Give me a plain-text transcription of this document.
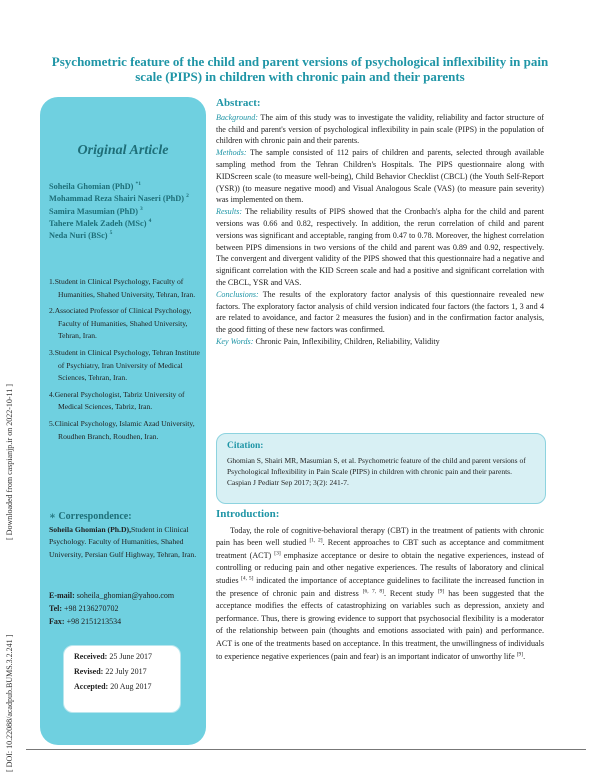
Psychometric feature of the child and parent versions of psychological inflexibility in pain scale (PIPS) in children with chronic pain and their parents
[ Downloaded from caspianjp.ir on 2022-10-11 ]
[ DOI: 10.22088/acadpub.BUMS.3.2.241 ]
Original Article
Soheila Ghomian (PhD) $^{*1}$
Mohammad Reza Shairi Naseri (PhD) $^2$
Samira Masumian (PhD) $^3$
Tahere Malek Zadeh (MSc) $^4$
Neda Nuri (BSc) $^5$
1.Student in Clinical Psychology, Faculty of Humanities, Shahed University, Tehran, Iran.
2.Associated Professor of Clinical Psychology, Faculty of Humanities, Shahed University, Tehran, Iran.
3.Student in Clinical Psychology, Tehran Institute of Psychiatry, Iran University of Medical Sciences, Tehran, Iran.
4.General Psychologist, Tabriz University of Medical Sciences, Tabriz, Iran.
5.Clinical Psychology, Islamic Azad University, Roudhen Branch, Roudhen, Iran.
∗ Correspondence:
Soheila Ghomian (Ph.D),Student in Clinical Psychology. Faculty of Humanities, Shahed University, Persian Gulf Highway, Tehran, Iran.
E-mail: soheila_ghomian@yahoo.com
Tel: +98 2136270702
Fax: +98 2151213534
Received: 25 June 2017
Revised: 22 July 2017
Accepted: 20 Aug 2017
Abstract:

Background: The aim of this study was to investigate the validity, reliability and factor structure of the child and parent's version of psychological inflexibility in pain scale (PIPS) in the population of children with chronic pain and their parents.

Methods: The sample consisted of 112 pairs of children and parents, selected through available sampling method from the Tehran Children's Hospitals. The PIPS questionnaire along with KIDScreen scale (to measure well-being), Child Behavior Checklist (CBCL) (the Youth Self-Report (YSR)) (to measure negative mood) and Visual Analogous Scale (VAS) (to measure pain severity) was implemented on them.

Results: The reliability results of PIPS showed that the Cronbach's alpha for the child and parent versions was 0.66 and 0.82, respectively. In addition, the rerun correlation of child and parent versions was significant and acceptable, ranging from 0.47 to 0.78. Moreover, the highest correlation between PIPS dimensions in two versions of the child and parent was 0.89 and 0.92, respectively. The convergent and divergent validity of the PIPS showed that this questionnaire had a negative and significant correlation with the KID Screen scale and had a positive and significant correlation with the CBCL, YSR and VAS.

Conclusions: The results of the exploratory factor analysis of this questionnaire revealed new factors. The exploratory factor analysis of child version indicated four factors (the factors 1, 3 and 4 are related to avoidance, and factor 2 measures the fusion) and in the confirmation factor analysis, the good fitting of these new factors was confirmed.

Key Words: Chronic Pain, Inflexibility, Children, Reliability, Validity

Citation:
Ghomian S, Shairi MR, Masumian S, et al. Psychometric feature of the child and parent versions of Psychological Inflexibility in Pain Scale (PIPS) in children with chronic pain and their parents. Caspian J Pediatr Sep 2017; 3(2): 241-7.
Introduction:

Today, the role of cognitive-behavioral therapy (CBT) in the treatment of patients with chronic pain has been well studied [1, 2]. Recent approaches to CBT such as acceptance and commitment treatment (ACT) [3] emphasize acceptance or desire to obtain the negative experiences, instead of controlling or reducing pain and other negative experiences. The results of laboratory and clinical studies [4, 5] indicated the importance of acceptance guidelines to facilitate the increased function in the presence of chronic pain and distress [6, 7, 8]. Recent study [9] has been suggested that the acceptance modifies the effects of catastrophizing on variables such as depression, anxiety and performance. Thus, there is growing evidence to support that psychosocial flexibility is a moderator of the relationship between pain (thoughts and emotions associated with pain) and performance. ACT is one of the treatments based on acceptance. In this treatment, the unwillingness of individuals to experience negative experiences (pain and fear) is an important indicator of unworthy life [9].
